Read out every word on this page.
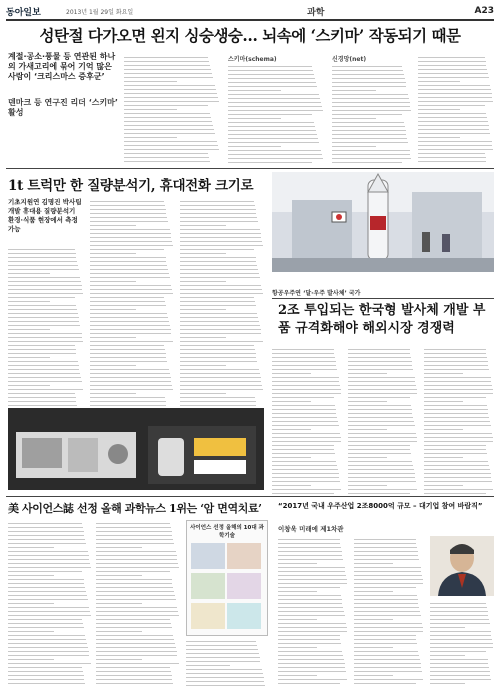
동아일보	2013년 1월 29일 화요일	과학	A23
성탄절 다가오면 왼지 싱숭생숭… 뇌속에 ‘스키마’ 작동되기 때문
계절·공소·풍물 등 연관된 하나의 가새고리에 묶어 기억 많은 사람이 ‘크리스마스 증후군’
덴마크 등 연구진 리더 ‘스키마’ 활성
스키마(schema)	신경망(net)
1t 트럭만 한 질량분석기, 휴대전화 크기로
기초지원연 김명진 박사팀 개발 휴대용 질량분석기 환경·식품 현장에서 측정 가능
항공우주연 ‘달·우주 발사체’ 국가
2조 투입되는 한국형 발사체 개발 부품 규격화해야 해외시장 경쟁력
美 사이언스誌 선정 올해 과학뉴스 1위는 ‘암 면역치료’
사이언스 선정 올해의 10대 과학기술
“2017년 국내 우주산업 2조8000억 규모 – 대기업 참여 바람직”
이창욱 미래에 제1차관
